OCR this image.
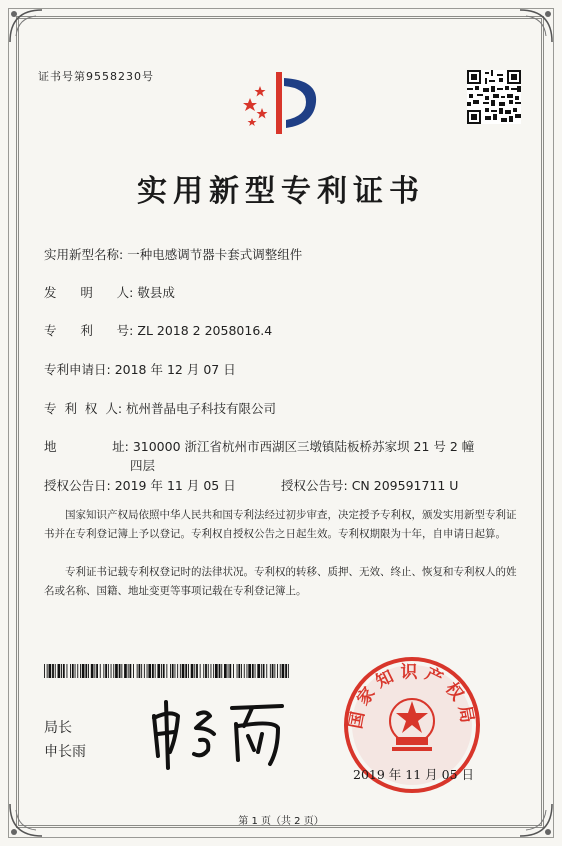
证书号第9558230号
实用新型专利证书
实用新型名称: 一种电感调节器卡套式调整组件
发      明      人: 敬县成
专      利      号: ZL 2018 2 2058016.4
专利申请日: 2018 年 12 月 07 日
专  利  权  人: 杭州普晶电子科技有限公司
地              址: 310000 浙江省杭州市西湖区三墩镇陆板桥苏家坝 21 号 2 幢
四层
授权公告日: 2019 年 11 月 05 日	授权公告号: CN 209591711 U
国家知识产权局依照中华人民共和国专利法经过初步审查，决定授予专利权，颁发实用新型专利证书并在专利登记簿上予以登记。专利权自授权公告之日起生效。专利权期限为十年，自申请日起算。
专利证书记载专利权登记时的法律状况。专利权的转移、质押、无效、终止、恢复和专利权人的姓名或名称、国籍、地址变更等事项记载在专利登记簿上。
局长
申长雨
国家知识产权局
2019 年 11 月 05 日
第 1 页（共 2 页）
